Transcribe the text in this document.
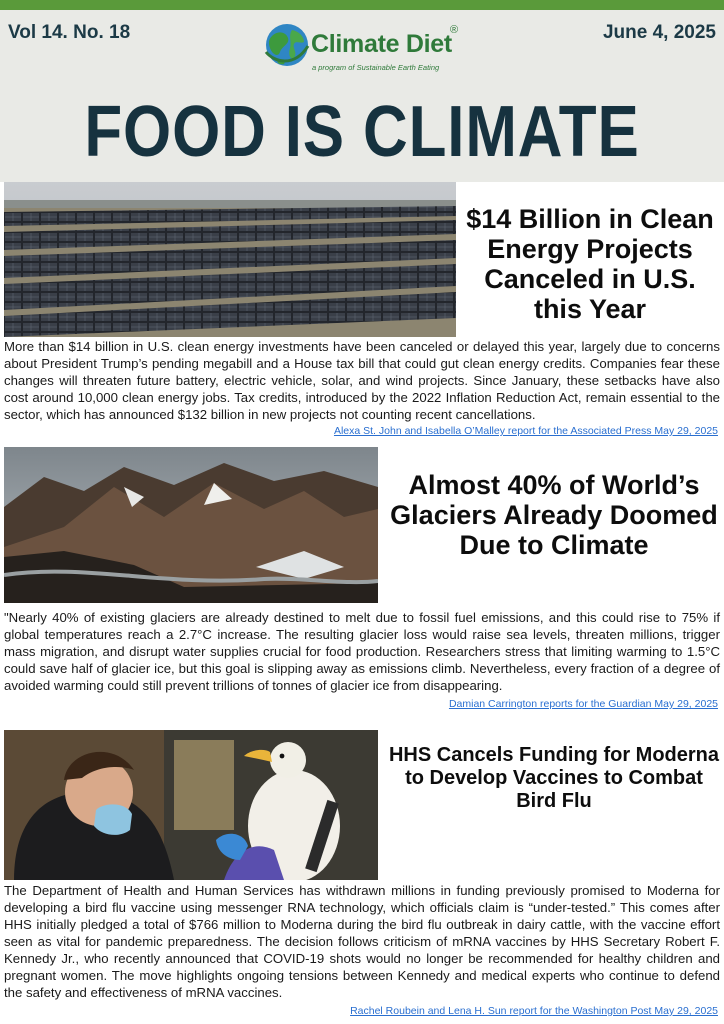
Vol 14. No. 18	June 4, 2025
Climate Diet
®
a program of Sustainable Earth Eating
FOOD IS CLIMATE
$14 Billion in Clean Energy Projects Canceled in U.S. this Year
More than $14 billion in U.S. clean energy investments have been canceled or delayed this year, largely due to concerns about President Trump’s pending megabill and a House tax bill that could gut clean energy credits. Companies fear these changes will threaten future battery, electric vehicle, solar, and wind projects. Since January, these setbacks have also cost around 10,000 clean energy jobs. Tax credits, introduced by the 2022 Inflation Reduction Act, remain essential to the sector, which has announced $132 billion in new projects not counting recent cancellations.
Alexa St. John and Isabella O’Malley report for the Associated Press May 29, 2025
Almost 40% of World’s Glaciers Already Doomed Due to Climate
"Nearly 40% of existing glaciers are already destined to melt due to fossil fuel emissions, and this could rise to 75% if global temperatures reach a 2.7°C increase. The resulting glacier loss would raise sea levels, threaten millions, trigger mass migration, and disrupt water supplies crucial for food production. Researchers stress that limiting warming to 1.5°C could save half of glacier ice, but this goal is slipping away as emissions climb. Nevertheless, every fraction of a degree of avoided warming could still prevent trillions of tonnes of glacier ice from disappearing.
Damian Carrington reports for the Guardian May 29, 2025
HHS Cancels Funding for Moderna to Develop Vaccines to Combat Bird Flu
The Department of Health and Human Services has withdrawn millions in funding previously promised to Moderna for developing a bird flu vaccine using messenger RNA technology, which officials claim is “under-tested.” This comes after HHS initially pledged a total of $766 million to Moderna during the bird flu outbreak in dairy cattle, with the vaccine effort seen as vital for pandemic preparedness. The decision follows criticism of mRNA vaccines by HHS Secretary Robert F. Kennedy Jr., who recently announced that COVID-19 shots would no longer be recommended for healthy children and pregnant women. The move highlights ongoing tensions between Kennedy and medical experts who continue to defend the safety and effectiveness of mRNA vaccines.
Rachel Roubein and Lena H. Sun report for the Washington Post May 29, 2025
